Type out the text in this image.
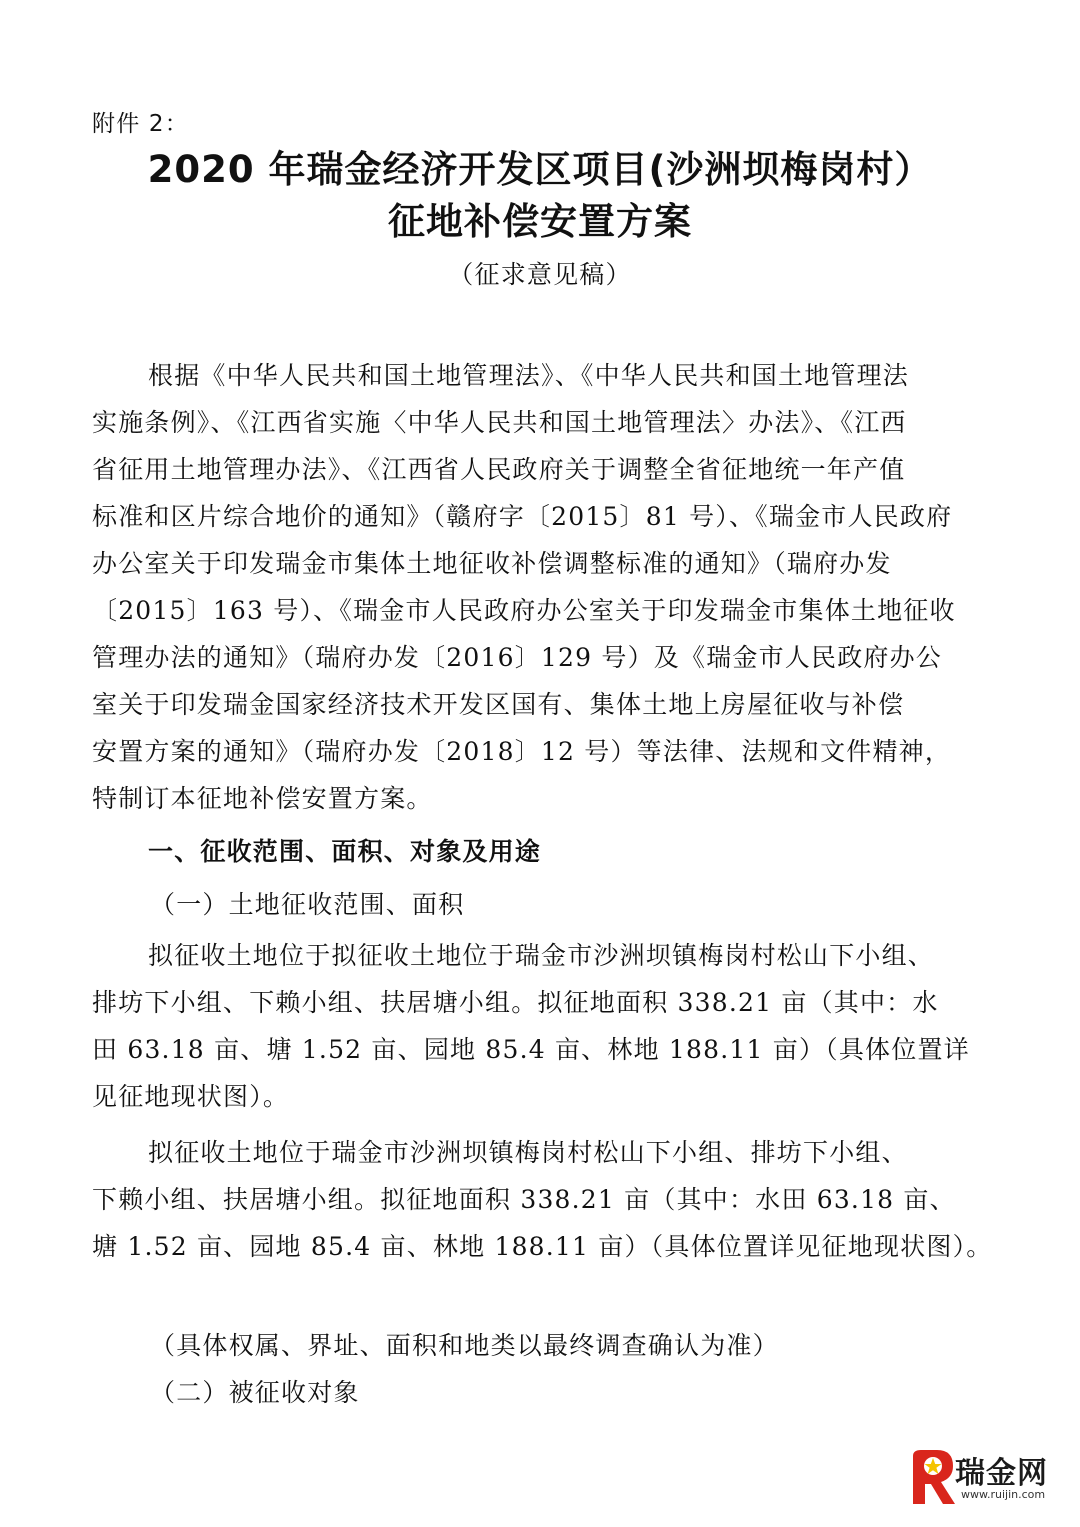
附件 2：
2020 年瑞金经济开发区项目(沙洲坝梅岗村）
征地补偿安置方案
（征求意见稿）
根据《中华人民共和国土地管理法》、《中华人民共和国土地管理法
实施条例》、《江西省实施〈中华人民共和国土地管理法〉办法》、《江西
省征用土地管理办法》、《江西省人民政府关于调整全省征地统一年产值
标准和区片综合地价的通知》（赣府字〔2015〕81 号）、《瑞金市人民政府
办公室关于印发瑞金市集体土地征收补偿调整标准的通知》（瑞府办发
〔2015〕163 号）、《瑞金市人民政府办公室关于印发瑞金市集体土地征收
管理办法的通知》（瑞府办发〔2016〕129 号）及《瑞金市人民政府办公
室关于印发瑞金国家经济技术开发区国有、集体土地上房屋征收与补偿
安置方案的通知》（瑞府办发〔2018〕12 号）等法律、法规和文件精神，
特制订本征地补偿安置方案。
一、征收范围、面积、对象及用途
（一）土地征收范围、面积
拟征收土地位于拟征收土地位于瑞金市沙洲坝镇梅岗村松山下小组、
排坊下小组、下赖小组、扶居塘小组。拟征地面积 338.21 亩（其中：水
田 63.18 亩、塘 1.52 亩、园地 85.4 亩、林地 188.11 亩）（具体位置详
见征地现状图）。
拟征收土地位于瑞金市沙洲坝镇梅岗村松山下小组、排坊下小组、
下赖小组、扶居塘小组。拟征地面积 338.21 亩（其中：水田 63.18 亩、
塘 1.52 亩、园地 85.4 亩、林地 188.11 亩）（具体位置详见征地现状图）。
（具体权属、界址、面积和地类以最终调查确认为准）
（二）被征收对象
瑞金网
www.ruijin.com
